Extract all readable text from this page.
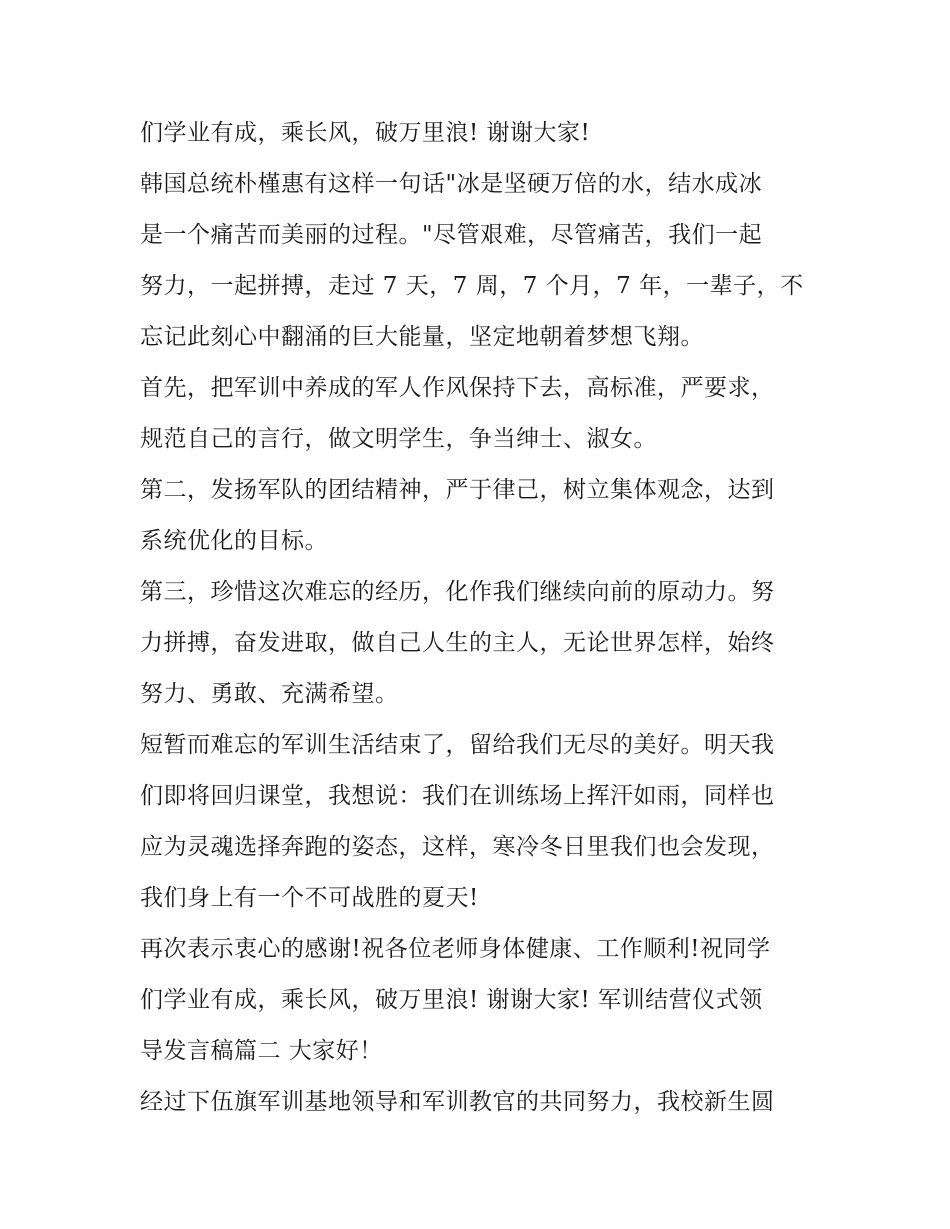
们学业有成，乘长风，破万里浪! 谢谢大家!
韩国总统朴槿惠有这样一句话"冰是坚硬万倍的水，结水成冰
是一个痛苦而美丽的过程。"尽管艰难，尽管痛苦，我们一起
努力，一起拼搏，走过 7 天，7 周，7 个月，7 年，一辈子，不
忘记此刻心中翻涌的巨大能量，坚定地朝着梦想飞翔。
首先，把军训中养成的军人作风保持下去，高标准，严要求，
规范自己的言行，做文明学生，争当绅士、淑女。
第二，发扬军队的团结精神，严于律己，树立集体观念，达到
系统优化的目标。
第三，珍惜这次难忘的经历，化作我们继续向前的原动力。努
力拼搏，奋发进取，做自己人生的主人，无论世界怎样，始终
努力、勇敢、充满希望。
短暂而难忘的军训生活结束了，留给我们无尽的美好。明天我
们即将回归课堂，我想说：我们在训练场上挥汗如雨，同样也
应为灵魂选择奔跑的姿态，这样，寒冷冬日里我们也会发现，
我们身上有一个不可战胜的夏天!
再次表示衷心的感谢!祝各位老师身体健康、工作顺利!祝同学
们学业有成，乘长风，破万里浪! 谢谢大家! 军训结营仪式领
导发言稿篇二 大家好！
经过下伍旗军训基地领导和军训教官的共同努力，我校新生圆
